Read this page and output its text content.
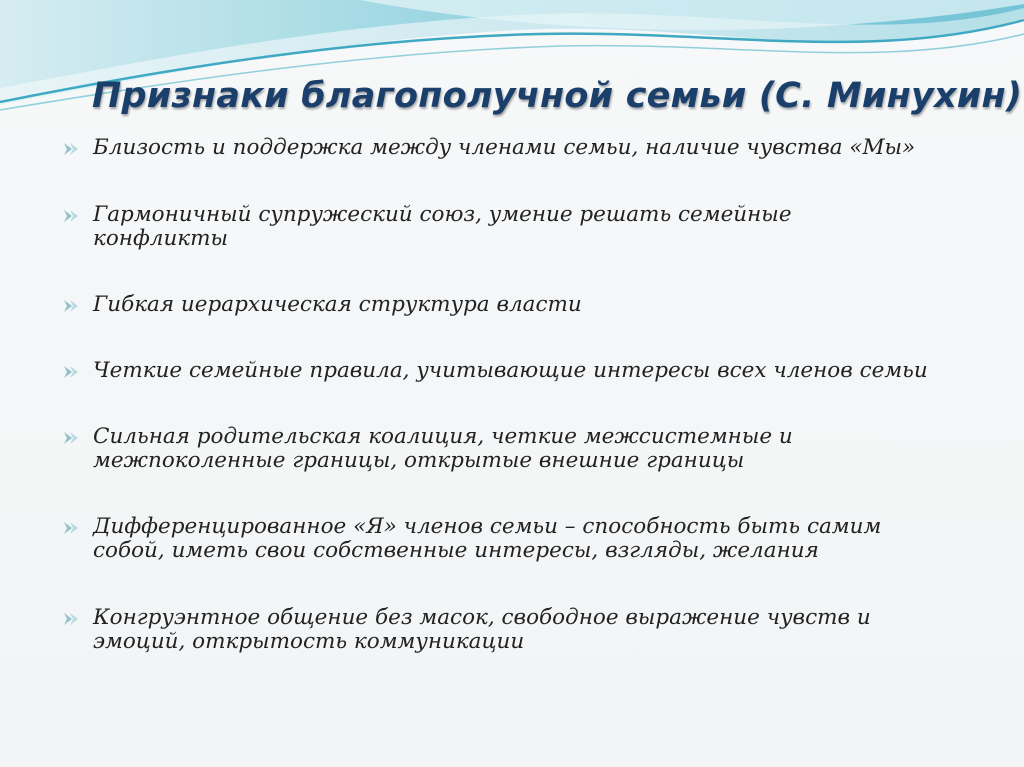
Признаки благополучной семьи (С. Минухин)
Близость и поддержка между членами семьи, наличие чувства «Мы»
Гармоничный супружеский союз, умение решать семейные конфликты
Гибкая иерархическая структура власти
Четкие семейные правила, учитывающие интересы всех членов семьи
Сильная родительская коалиция, четкие межсистемные и межпоколенные границы, открытые внешние границы
Дифференцированное «Я» членов семьи – способность быть самим собой, иметь свои собственные интересы, взгляды, желания
Конгруэнтное общение без масок, свободное выражение чувств и эмоций, открытость коммуникации
